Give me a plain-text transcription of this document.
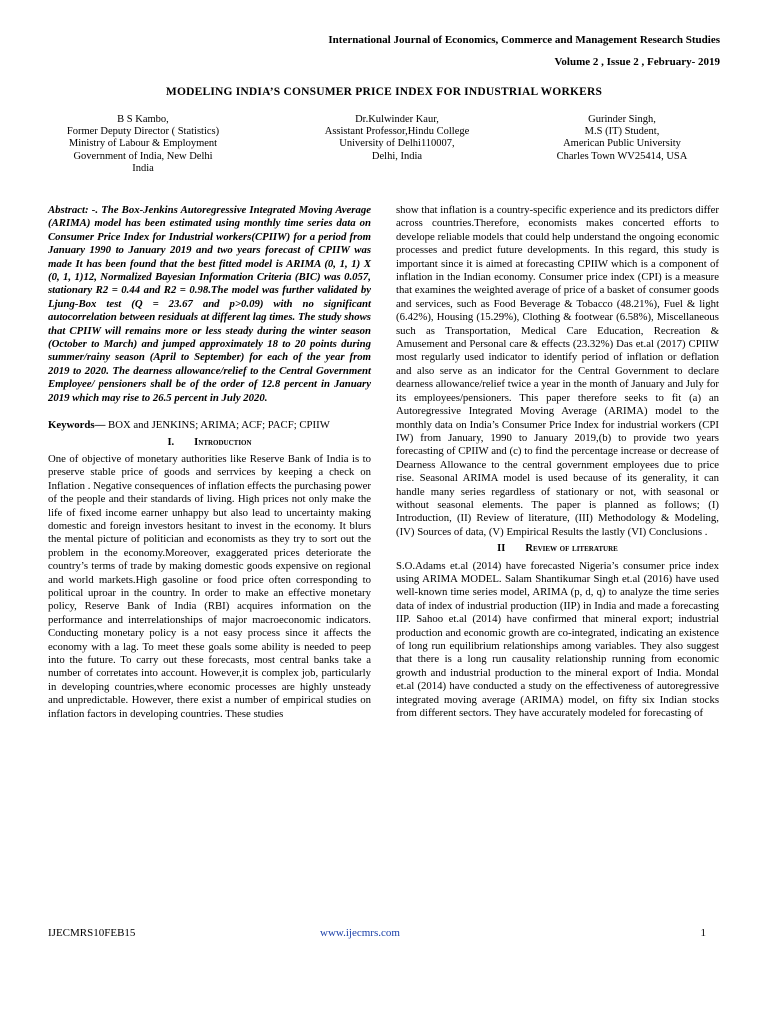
International Journal of Economics, Commerce and Management Research Studies
Volume 2 , Issue 2 , February- 2019
MODELING INDIA’S CONSUMER PRICE INDEX FOR INDUSTRIAL WORKERS
B S Kambo,
Former Deputy Director ( Statistics)
Ministry of Labour & Employment
Government of India, New Delhi
India
Dr.Kulwinder Kaur,
Assistant Professor,Hindu College
University of Delhi110007,
Delhi, India
Gurinder Singh,
M.S (IT) Student,
American Public University
Charles Town WV25414, USA

Abstract: -. The Box-Jenkins Autoregressive Integrated Moving Average (ARIMA) model has been estimated using monthly time series data on Consumer Price Index for Industrial workers(CPIIW) for a period from January 1990 to January 2019 and two years forecast of CPIIW was made It has been found that the best fitted model is ARIMA (0, 1, 1) X (0, 1, 1)12, Normalized Bayesian Information Criteria (BIC) was 0.057, stationary R2 = 0.44 and R2 = 0.98.The model was further validated by Ljung-Box test (Q = 23.67 and p>0.09) with no significant autocorrelation between residuals at different lag times. The study shows that CPIIW will remains more or less steady during the winter season (October to March) and jumped approximately 18 to 20 points during summer/rainy season (April to September) for each of the year from 2019 to 2020. The dearness allowance/relief to the Central Government Employee/ pensioners shall be of the order of 12.8 percent in January 2019 which may rise to 26.5 percent in July 2020.

Keywords— BOX and JENKINS; ARIMA; ACF; PACF; CPIIW

I. Introduction

One of objective of monetary authorities like Reserve Bank of India is to preserve stable price of goods and serrvices by keeping a check on Inflation . Negative consequences of inflation effects the purchasing power of the people and their standards of living. High prices not only make the life of fixed income earner unhappy but also lead to uncertainty making domestic and foreign investors hesitant to invest in the economy. It blurs the mental picture of politician and economists as they try to sort out the problem in the economy.Moreover, exaggerated prices deteriorate the country’s terms of trade by making domestic goods expensive on regional and world markets.High gasoline or food price often corresponding to political uproar in the country. In order to make an effective monetary policy, Reserve Bank of India (RBI) acquires information on the performance and interrelationships of major macroeconomic indicators. Conducting monetary policy is a not easy process since it affects the economy with a lag. To meet these goals some ability is needed to peep into the future. To carry out these forecasts, most central banks take a number of corretates into account. However,it is complex job, particularly in developing countries,where economic processes are highly unsteady and unpredictable. However, there exist a number of empirical studies on inflation factors in developing countries. These studies

show that inflation is a country-specific experience and its predictors differ across countries.Therefore, economists makes concerted efforts to develope reliable models that could help understand the ongoing economic processes and predict future developments. In this regard, this study is important since it is aimed at forecasting CPIIW which is a component of inflation in the Indian economy. Consumer price index (CPI) is a measure that examines the weighted average of price of a basket of consumer goods and services, such as Food Beverage & Tobacco (48.21%), Fuel & light (6.42%), Housing (15.29%), Clothing & footwear (6.58%), Miscellaneous such as Transportation, Medical Care Education, Recreation & Amusement and Personal care & effects (23.32%) Das et.al (2017) CPIIW most regularly used indicator to identify period of inflation or deflation and also serve as an indicator for the Central Government to declare dearness allowance/relief twice a year in the month of January and July for its employees/pensioners. This paper therefore seeks to fit (a) an Autoregressive Integrated Moving Average (ARIMA) model to the monthly data on India’s Consumer Price Index for industrial workers (CPI IW) from January, 1990 to January 2019,(b) to provide two years forecasting of CPIIW and (c) to find the percentage increase or decrease of Dearness Allowance to the central government employees due to price rise. Seasonal ARIMA model is used because of its generality, it can handle many series regardless of stationary or not, with seasonal or without seasonal elements. The paper is planned as follows; (I) Introduction, (II) Review of literature, (III) Methodology & Modeling, (IV) Sources of data, (V) Empirical Results the lastly (VI) Conclusions .

II Review of literature

S.O.Adams et.al (2014) have forecasted Nigeria’s consumer price index using ARIMA MODEL. Salam Shantikumar Singh et.al (2016) have used well-known time series model, ARIMA (p, d, q) to analyze the time series data of index of industrial production (IIP) in India and made a forecasting IIP. Sahoo et.al (2014) have confirmed that mineral export; industrial production and economic growth are co-integrated, indicating an existence of long run equilibrium relationships among variables. They also suggest that there is a long run causality relationship running from economic growth and industrial production to the mineral export of India. Mondal et.al (2014) have conducted a study on the effectiveness of autoregressive integrated moving average (ARIMA) model, on fifty six Indian stocks from different sectors. They have accurately modeled for forecasting of

IJECMRS10FEB15	www.ijecmrs.com	1
